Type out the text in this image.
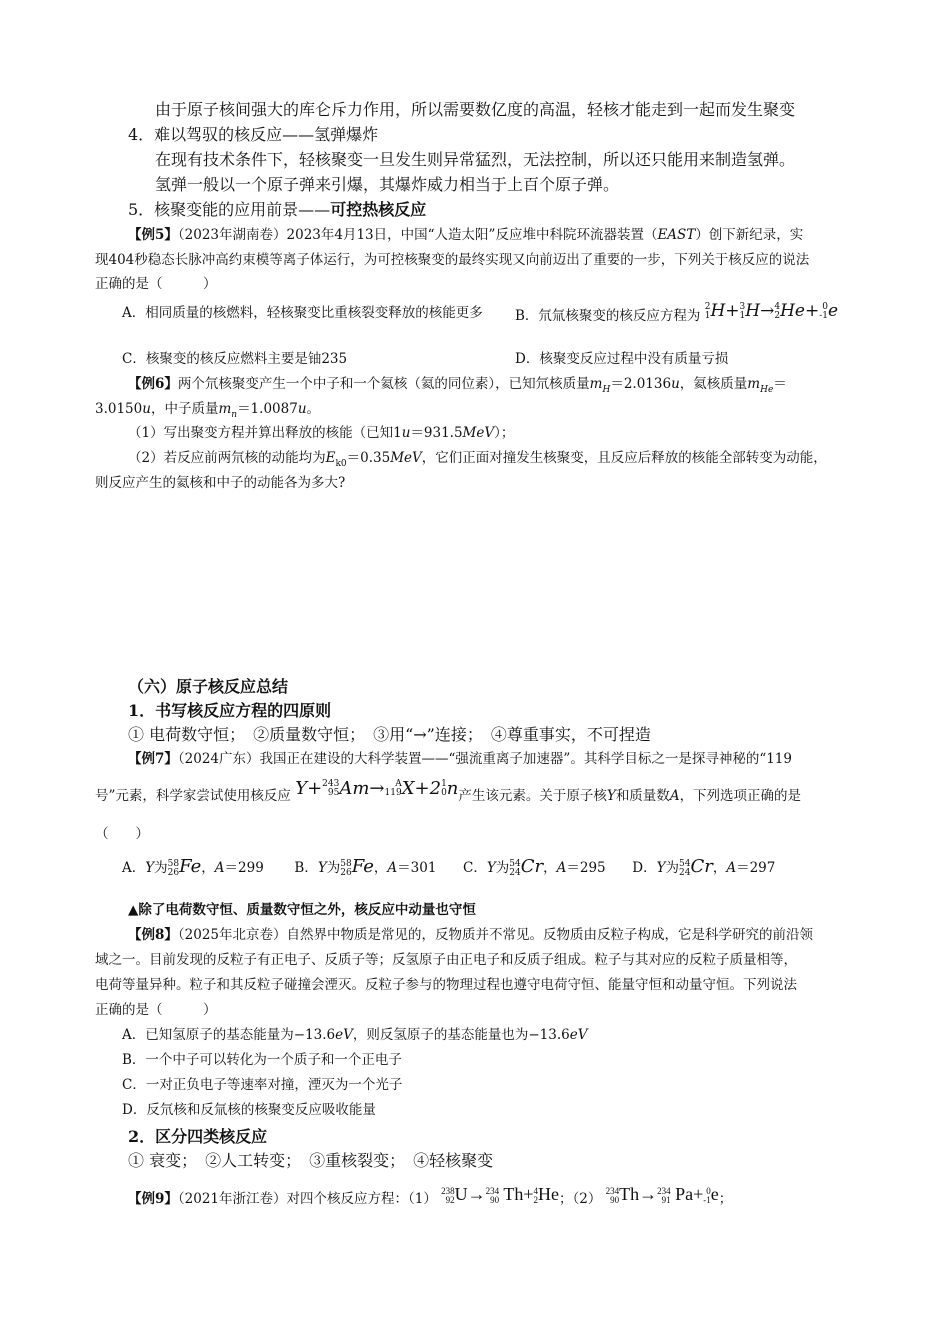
由于原子核间强大的库仑斥力作用，所以需要数亿度的高温，轻核才能走到一起而发生聚变
4．难以驾驭的核反应——氢弹爆炸
在现有技术条件下，轻核聚变一旦发生则异常猛烈，无法控制，所以还只能用来制造氢弹。
氢弹一般以一个原子弹来引爆，其爆炸威力相当于上百个原子弹。
5．核聚变能的应用前景——可控热核反应
【例5】（2023年湖南卷）2023年4月13日，中国“人造太阳”反应堆中科院环流器装置（EAST）创下新纪录，实
现404秒稳态长脉冲高约束模等离子体运行，为可控核聚变的最终实现又向前迈出了重要的一步，下列关于核反应的说法
正确的是（　　　）
A．相同质量的核燃料，轻核聚变比重核裂变释放的核能更多 B．氘氚核聚变的核反应方程为
2
1 H+ 3
1 H→ 4
2 He+ 0
-1 e
C．核聚变的核反应燃料主要是铀235	D．核聚变反应过程中没有质量亏损
【例6】两个氘核聚变产生一个中子和一个氦核（氦的同位素），已知氘核质量$m_H=2.0136u$，氦核质量$m_{He}=$
3.0150u，中子质量$m_n=1.0087u$。
（1）写出聚变方程并算出释放的核能（已知1u＝931.5MeV）；
（2）若反应前两氘核的动能均为$E_{k0}=0.35MeV$，它们正面对撞发生核聚变，且反应后释放的核能全部转变为动能，
则反应产生的氦核和中子的动能各为多大?
（六）原子核反应总结
1．书写核反应方程的四原则
① 电荷数守恒；　②质量数守恒；　③用“→”连接；　④尊重事实，不可捏造
【例7】（2024广东）我国正在建设的大科学装置——“强流重离子加速器”。其科学目标之一是探寻神秘的“119
号”元素，科学家尝试使用核反应 Y+ 243
95 Am→	A
119 X+2 1
0 n产生该元素。关于原子核Y和质量数A，下列选项正确的是
（　　）
A．Y为 58
26 Fe，A＝299 B．Y为 58
26 Fe，A＝301 C．Y为 54
24 Cr，A＝295 D．Y为 54
24 Cr，A＝297
▲除了电荷数守恒、质量数守恒之外，核反应中动量也守恒
【例8】（2025年北京卷）自然界中物质是常见的，反物质并不常见。反物质由反粒子构成，它是科学研究的前沿领
域之一。目前发现的反粒子有正电子、反质子等；反氢原子由正电子和反质子组成。粒子与其对应的反粒子质量相等，
电荷等量异种。粒子和其反粒子碰撞会湮灭。反粒子参与的物理过程也遵守电荷守恒、能量守恒和动量守恒。下列说法
正确的是（　　　）
A．已知氢原子的基态能量为−13.6eV，则反氢原子的基态能量也为−13.6eV
B．一个中子可以转化为一个质子和一个正电子
C．一对正负电子等速率对撞，湮灭为一个光子
D．反氘核和反氚核的核聚变反应吸收能量
2．区分四类核反应
① 衰变；　②人工转变；　③重核裂变；　④轻核聚变
【例9】（2021年浙江卷）对四个核反应方程：（1）
238
92 U→ 234
90 Th+ 4
2 He；（2）
234
90 Th→ 234
91 Pa+ 0
-1 e；
